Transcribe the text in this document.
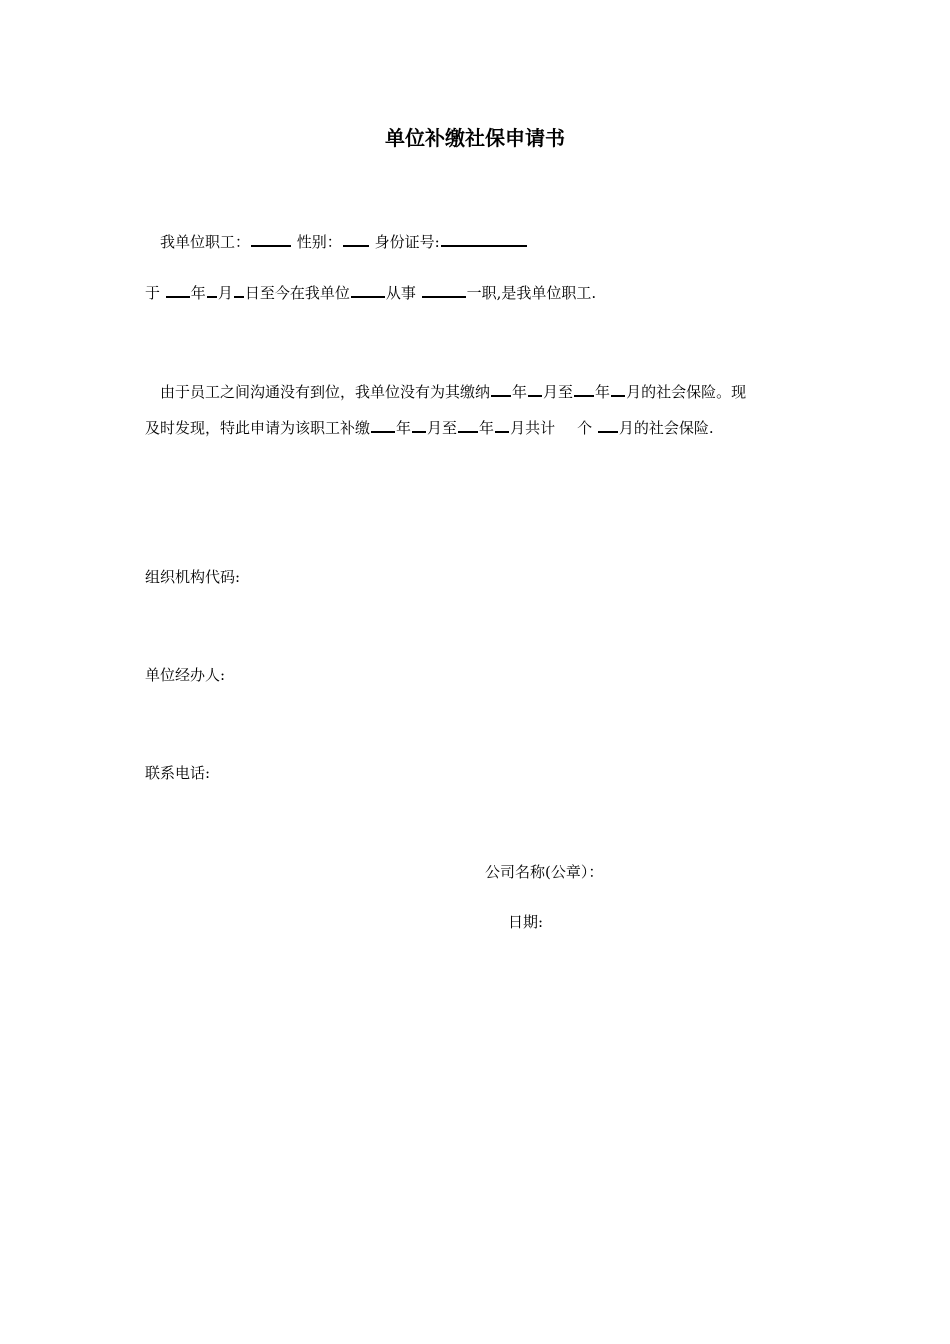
单位补缴社保申请书
我单位职工：	性别： 身份证号:
于 年 月 日至今在我单位 从事	一职,是我单位职工.
由于员工之间沟通没有到位，我单位没有为其缴纳 年 月至 年 月的社会保险。现
及时发现，特此申请为该职工补缴 年 月至 年 月共计 个 月的社会保险.
组织机构代码:
单位经办人:
联系电话:
公司名称(公章）：
日期:
